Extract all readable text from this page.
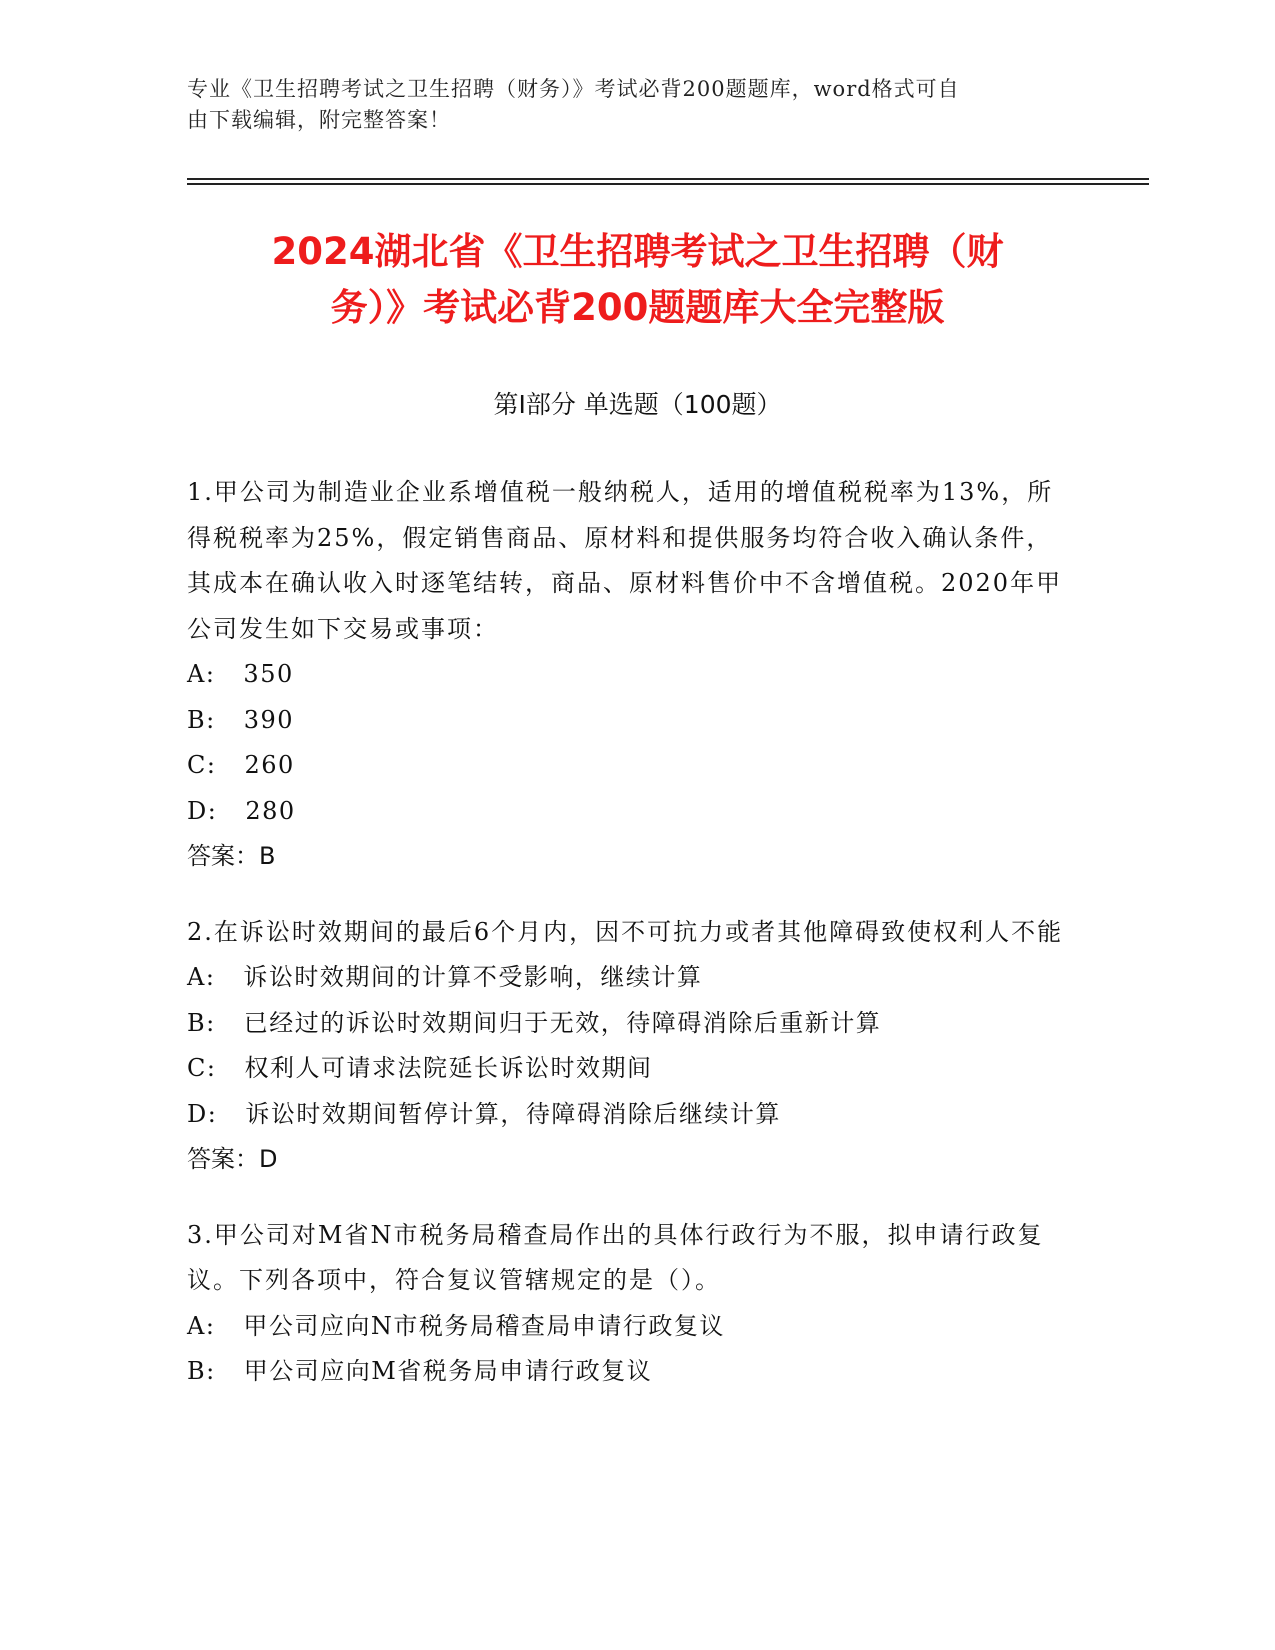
专业《卫生招聘考试之卫生招聘（财务）》考试必背200题题库，word格式可自
由下载编辑，附完整答案！
2024湖北省《卫生招聘考试之卫生招聘（财
务）》考试必背200题题库大全完整版
第Ⅰ部分 单选题（100题）

1.甲公司为制造业企业系增值税一般纳税人，适用的增值税税率为13%，所得税税率为25%，假定销售商品、原材料和提供服务均符合收入确认条件，其成本在确认收入时逐笔结转，商品、原材料售价中不含增值税。2020年甲公司发生如下交易或事项：

A: 350
B: 390
C: 260
D: 280
答案：B

2.在诉讼时效期间的最后6个月内，因不可抗力或者其他障碍致使权利人不能

A: 诉讼时效期间的计算不受影响，继续计算
B: 已经过的诉讼时效期间归于无效，待障碍消除后重新计算
C: 权利人可请求法院延长诉讼时效期间
D: 诉讼时效期间暂停计算，待障碍消除后继续计算
答案：D

3.甲公司对M省N市税务局稽查局作出的具体行政行为不服，拟申请行政复议。下列各项中，符合复议管辖规定的是（）。

A: 甲公司应向N市税务局稽查局申请行政复议
B: 甲公司应向M省税务局申请行政复议
